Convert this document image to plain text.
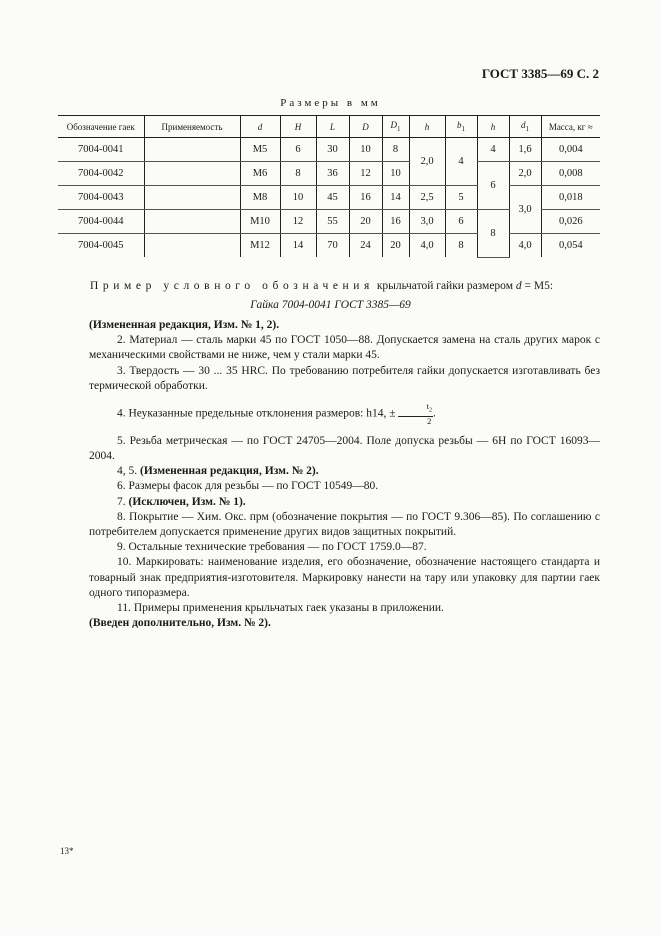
ГОСТ 3385—69 С. 2
Размеры в мм
Обозначение гаек	Применяемость	d	H	L	D	$D_1$	h	$b_1$	h	$d_1$	Масса, кг ≈
7004-0041		M5	6	30	10	8	2,0	4	4	1,6	0,004
7004-0042		M6	8	36	12	10			6	2,0	0,008
7004-0043		M8	10	45	16	14	2,5	5		3,0	0,018
7004-0044		M10	12	55	20	16	3,0	6	8		0,026
7004-0045		M12	14	70	24	20	4,0	8		4,0	0,054
Пример условного обозначения крыльчатой гайки размером d = M5:
Гайка 7004-0041 ГОСТ 3385—69

(Измененная редакция, Изм. № 1, 2).

2. Материал — сталь марки 45 по ГОСТ 1050—88. Допускается замена на сталь других марок с механическими свойствами не ниже, чем у стали марки 45.

3. Твердость — 30 ... 35 HRC. По требованию потребителя гайки допускается изготавливать без термической обработки.

4. Неуказанные предельные отклонения размеров: h14, ± $\frac{t_2}{2}$ .

5. Резьба метрическая — по ГОСТ 24705—2004. Поле допуска резьбы — 6H по ГОСТ 16093—2004.

4, 5. (Измененная редакция, Изм. № 2).

6. Размеры фасок для резьбы — по ГОСТ 10549—80.

7. (Исключен, Изм. № 1).

8. Покрытие — Хим. Окс. прм (обозначение покрытия — по ГОСТ 9.306—85). По соглашению с потребителем допускается применение других видов защитных покрытий.

9. Остальные технические требования — по ГОСТ 1759.0—87.

10. Маркировать: наименование изделия, его обозначение, обозначение настоящего стандарта и товарный знак предприятия-изготовителя. Маркировку нанести на тару или упаковку для партии гаек одного типоразмера.

11. Примеры применения крыльчатых гаек указаны в приложении.

(Введен дополнительно, Изм. № 2).

13*
